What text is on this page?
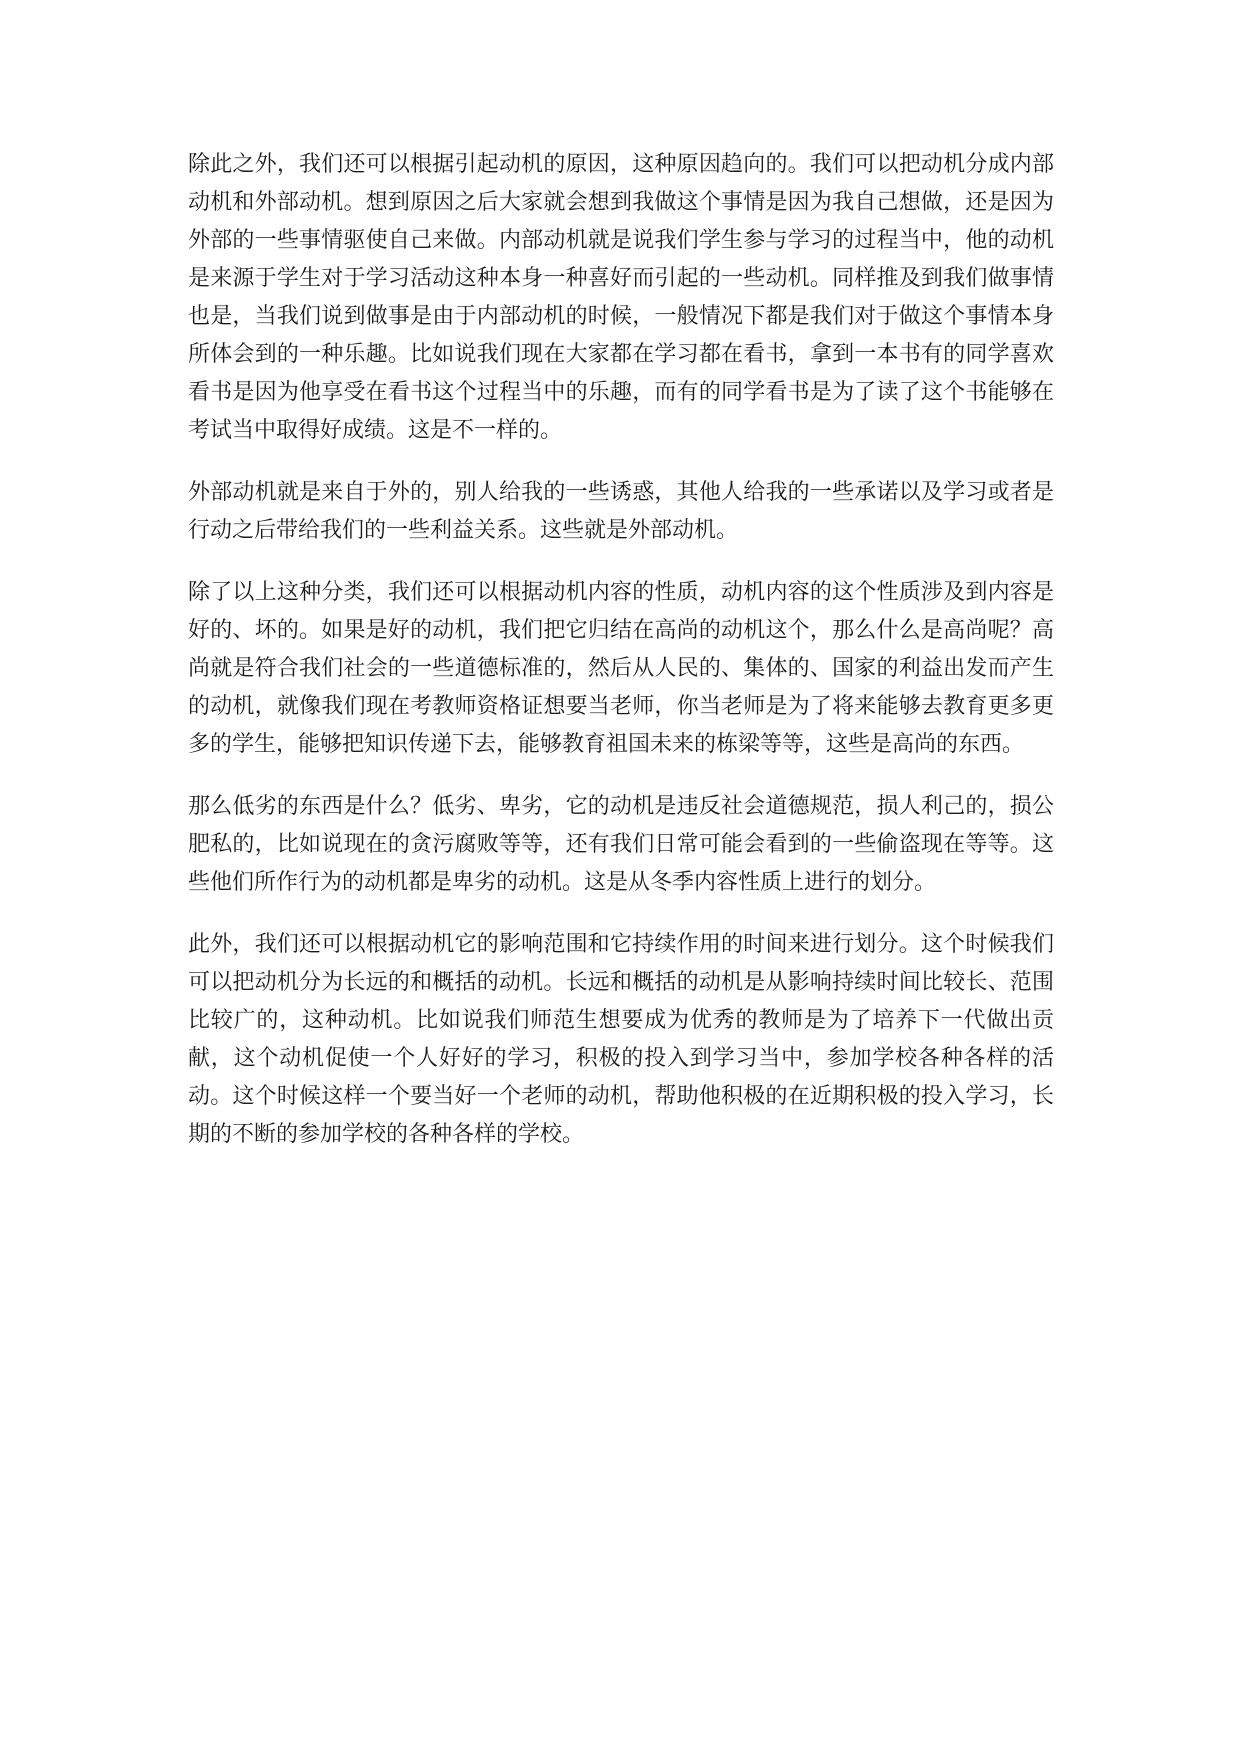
除此之外，我们还可以根据引起动机的原因，这种原因趋向的。我们可以把动机分成内部动机和外部动机。想到原因之后大家就会想到我做这个事情是因为我自己想做，还是因为外部的一些事情驱使自己来做。内部动机就是说我们学生参与学习的过程当中，他的动机是来源于学生对于学习活动这种本身一种喜好而引起的一些动机。同样推及到我们做事情也是，当我们说到做事是由于内部动机的时候，一般情况下都是我们对于做这个事情本身所体会到的一种乐趣。比如说我们现在大家都在学习都在看书，拿到一本书有的同学喜欢看书是因为他享受在看书这个过程当中的乐趣，而有的同学看书是为了读了这个书能够在考试当中取得好成绩。这是不一样的。

外部动机就是来自于外的，别人给我的一些诱惑，其他人给我的一些承诺以及学习或者是行动之后带给我们的一些利益关系。这些就是外部动机。

除了以上这种分类，我们还可以根据动机内容的性质，动机内容的这个性质涉及到内容是好的、坏的。如果是好的动机，我们把它归结在高尚的动机这个，那么什么是高尚呢？高尚就是符合我们社会的一些道德标准的，然后从人民的、集体的、国家的利益出发而产生的动机，就像我们现在考教师资格证想要当老师，你当老师是为了将来能够去教育更多更多的学生，能够把知识传递下去，能够教育祖国未来的栋梁等等，这些是高尚的东西。

那么低劣的东西是什么？低劣、卑劣，它的动机是违反社会道德规范，损人利己的，损公肥私的，比如说现在的贪污腐败等等，还有我们日常可能会看到的一些偷盗现在等等。这些他们所作行为的动机都是卑劣的动机。这是从冬季内容性质上进行的划分。

此外，我们还可以根据动机它的影响范围和它持续作用的时间来进行划分。这个时候我们可以把动机分为长远的和概括的动机。长远和概括的动机是从影响持续时间比较长、范围比较广的，这种动机。比如说我们师范生想要成为优秀的教师是为了培养下一代做出贡献，这个动机促使一个人好好的学习，积极的投入到学习当中，参加学校各种各样的活动。这个时候这样一个要当好一个老师的动机，帮助他积极的在近期积极的投入学习，长期的不断的参加学校的各种各样的学校。
